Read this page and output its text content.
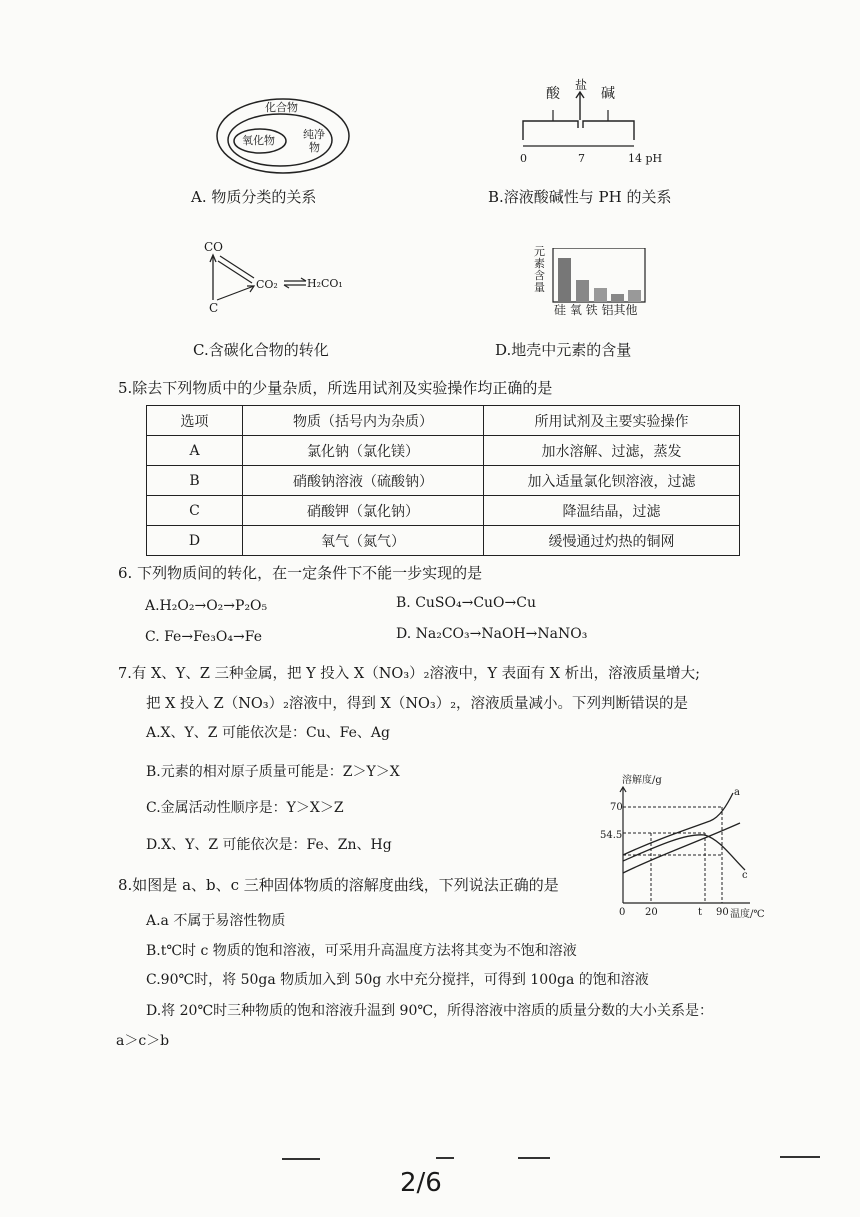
化合物
氧化物	纯净
物
A. 物质分类的关系
酸
盐
碱
0	7	14 pH
B.溶液酸碱性与 PH 的关系
CO
CO₂	H₂CO₁
C
C.含碳化合物的转化
元
素
含
量
硅 氧 铁 铝其他
D.地壳中元素的含量
5.除去下列物质中的少量杂质，所选用试剂及实验操作均正确的是
选项	物质（括号内为杂质）	所用试剂及主要实验操作
A	氯化钠（氯化镁）	加水溶解、过滤，蒸发
B	硝酸钠溶液（硫酸钠）	加入适量氯化钡溶液，过滤
C	硝酸钾（氯化钠）	降温结晶，过滤
D	氧气（氮气）	缓慢通过灼热的铜网
6. 下列物质间的转化，在一定条件下不能一步实现的是
A.H₂O₂→O₂→P₂O₅	B. CuSO₄→CuO→Cu
C. Fe→Fe₃O₄→Fe	D. Na₂CO₃→NaOH→NaNO₃
7.有 X、Y、Z 三种金属，把 Y 投入 X（NO₃）₂溶液中，Y 表面有 X 析出，溶液质量增大;
把 X 投入 Z（NO₃）₂溶液中，得到 X（NO₃）₂，溶液质量减小。下列判断错误的是
A.X、Y、Z 可能依次是：Cu、Fe、Ag
B.元素的相对原子质量可能是：Z＞Y＞X
C.金属活动性顺序是：Y＞X＞Z
D.X、Y、Z 可能依次是：Fe、Zn、Hg
溶解度/g
70
54.5
0 20	t 90 温度/℃
a
c
8.如图是 a、b、c 三种固体物质的溶解度曲线，下列说法正确的是
A.a 不属于易溶性物质
B.t℃时 c 物质的饱和溶液，可采用升高温度方法将其变为不饱和溶液
C.90℃时，将 50ga 物质加入到 50g 水中充分搅拌，可得到 100ga 的饱和溶液
D.将 20℃时三种物质的饱和溶液升温到 90℃，所得溶液中溶质的质量分数的大小关系是：
a＞c＞b
2/6
